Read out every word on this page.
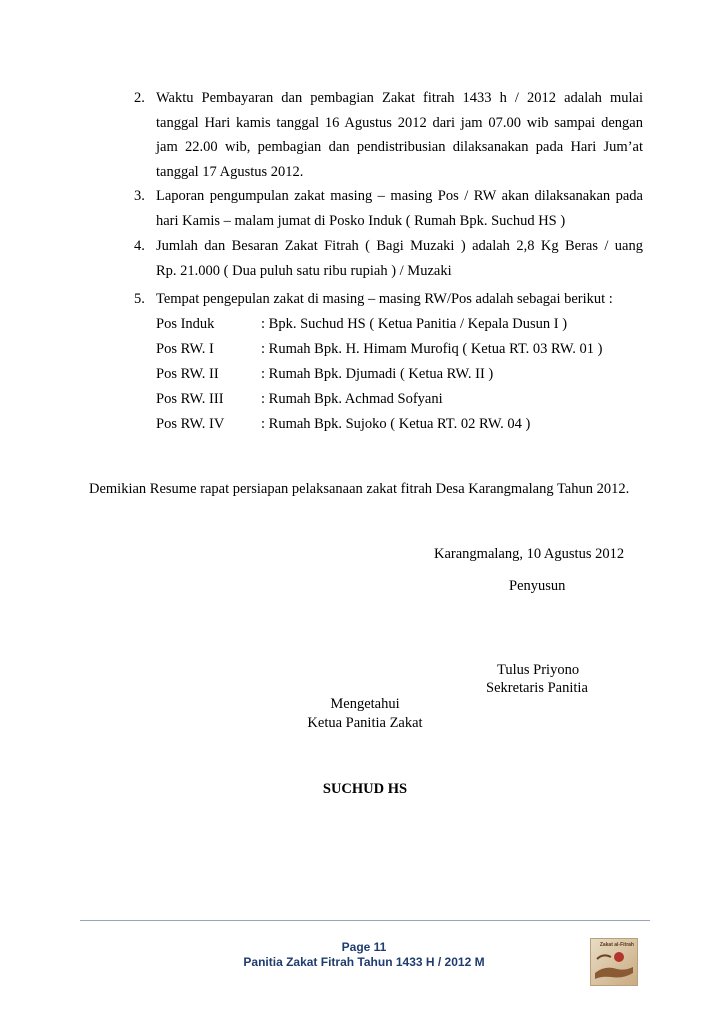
2. Waktu Pembayaran dan pembagian Zakat fitrah 1433 h / 2012 adalah mulai
tanggal Hari kamis tanggal 16 Agustus 2012 dari jam 07.00 wib sampai dengan
jam 22.00 wib, pembagian dan pendistribusian dilaksanakan pada Hari Jum’at
tanggal 17 Agustus 2012.
3. Laporan pengumpulan zakat masing – masing Pos / RW akan dilaksanakan pada
hari Kamis – malam jumat di Posko Induk ( Rumah Bpk. Suchud HS )
4. Jumlah dan Besaran Zakat Fitrah ( Bagi Muzaki ) adalah 2,8 Kg Beras / uang
Rp. 21.000 ( Dua puluh satu ribu rupiah ) / Muzaki
5. Tempat pengepulan zakat di masing – masing RW/Pos adalah sebagai berikut :
Pos Induk	: Bpk. Suchud HS ( Ketua Panitia / Kepala Dusun I )
Pos RW. I	: Rumah Bpk. H. Himam Murofiq ( Ketua RT. 03 RW. 01 )
Pos RW. II	: Rumah Bpk. Djumadi ( Ketua RW. II )
Pos RW. III	: Rumah Bpk. Achmad Sofyani
Pos RW. IV	: Rumah Bpk. Sujoko ( Ketua RT. 02 RW. 04 )
Demikian Resume rapat persiapan pelaksanaan zakat fitrah Desa Karangmalang Tahun 2012.
Karangmalang, 10 Agustus 2012
Penyusun
Tulus Priyono
Sekretaris Panitia
Mengetahui
Ketua Panitia Zakat
SUCHUD HS
Page 11
Panitia Zakat Fitrah Tahun 1433 H / 2012 M
Zakat al-Fitrah
